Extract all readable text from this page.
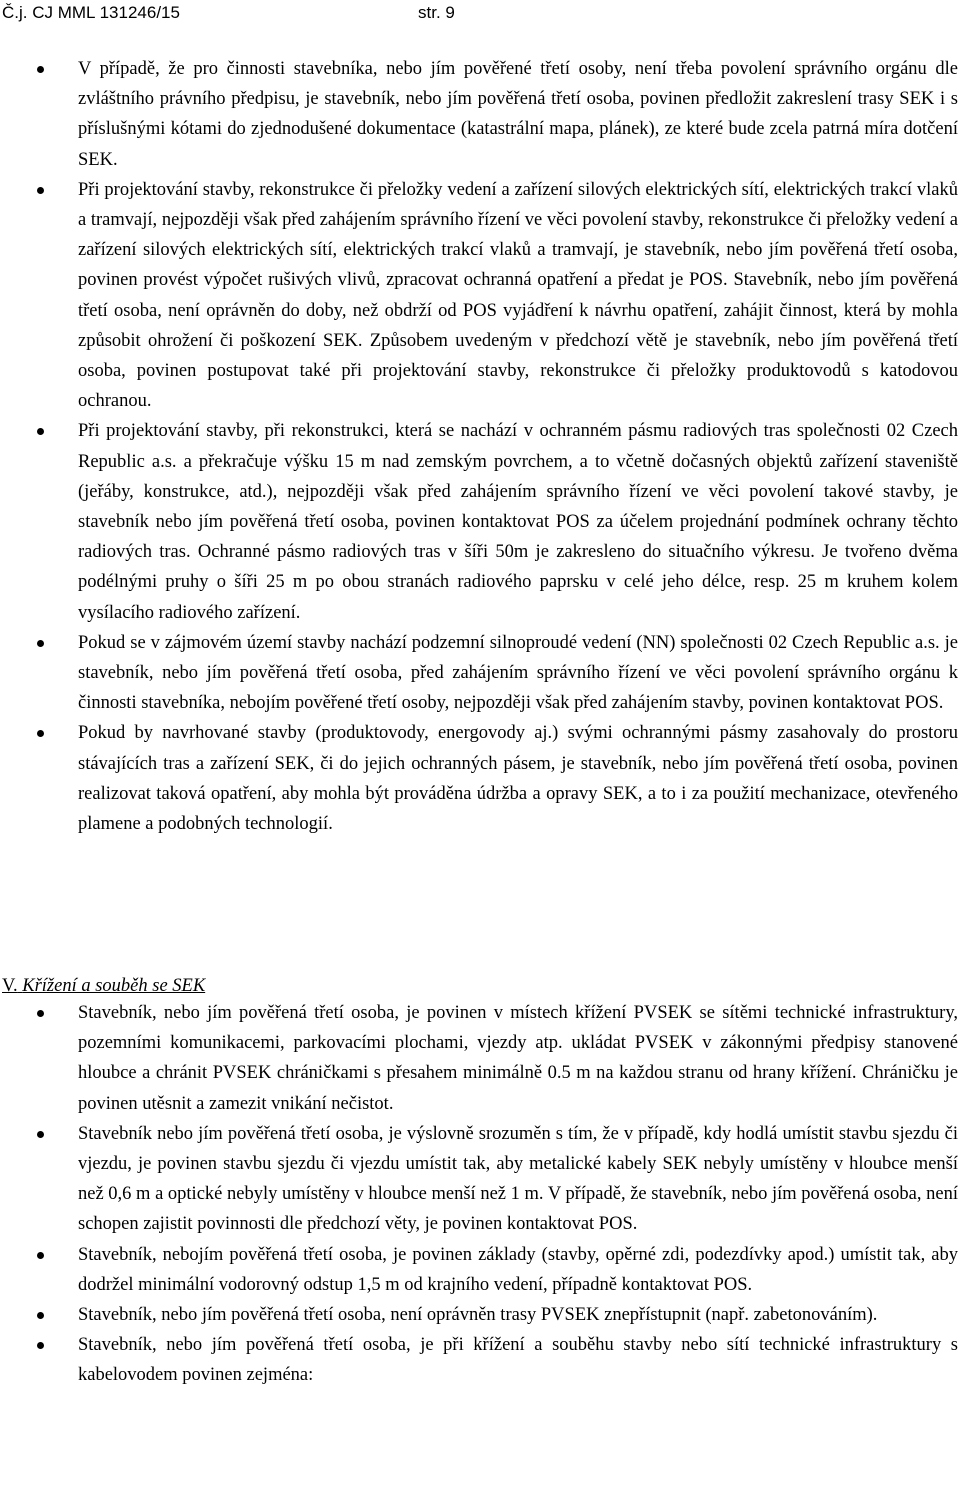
Č.j. CJ MML 131246/15	str. 9
V případě, že pro činnosti stavebníka, nebo jím pověřené třetí osoby, není třeba povolení správního orgánu dle zvláštního právního předpisu, je stavebník, nebo jím pověřená třetí osoba, povinen předložit zakreslení trasy SEK i s příslušnými kótami do zjednodušené dokumentace (katastrální mapa, plánek), ze které bude zcela patrná míra dotčení SEK.
Při projektování stavby, rekonstrukce či přeložky vedení a zařízení silových elektrických sítí, elektrických trakcí vlaků a tramvají, nejpozději však před zahájením správního řízení ve věci povolení stavby, rekonstrukce či přeložky vedení a zařízení silových elektrických sítí, elektrických trakcí vlaků a tramvají, je stavebník, nebo jím pověřená třetí osoba, povinen provést výpočet rušivých vlivů, zpracovat ochranná opatření a předat je POS. Stavebník, nebo jím pověřená třetí osoba, není oprávněn do doby, než obdrží od POS vyjádření k návrhu opatření, zahájit činnost, která by mohla způsobit ohrožení či poškození SEK. Způsobem uvedeným v předchozí větě je stavebník, nebo jím pověřená třetí osoba, povinen postupovat také při projektování stavby, rekonstrukce či přeložky produktovodů s katodovou ochranou.
Při projektování stavby, při rekonstrukci, která se nachází v ochranném pásmu radiových tras společnosti 02 Czech Republic a.s. a překračuje výšku 15 m nad zemským povrchem, a to včetně dočasných objektů zařízení staveniště (jeřáby, konstrukce, atd.), nejpozději však před zahájením správního řízení ve věci povolení takové stavby, je stavebník nebo jím pověřená třetí osoba, povinen kontaktovat POS za účelem projednání podmínek ochrany těchto radiových tras. Ochranné pásmo radiových tras v šíři 50m je zakresleno do situačního výkresu. Je tvořeno dvěma podélnými pruhy o šíři 25 m po obou stranách radiového paprsku v celé jeho délce, resp. 25 m kruhem kolem vysílacího radiového zařízení.
Pokud se v zájmovém území stavby nachází podzemní silnoproudé vedení (NN) společnosti 02 Czech Republic a.s. je stavebník, nebo jím pověřená třetí osoba, před zahájením správního řízení ve věci povolení správního orgánu k činnosti stavebníka, nebojím pověřené třetí osoby, nejpozději však před zahájením stavby, povinen kontaktovat POS.
Pokud by navrhované stavby (produktovody, energovody aj.) svými ochrannými pásmy zasahovaly do prostoru stávajících tras a zařízení SEK, či do jejich ochranných pásem, je stavebník, nebo jím pověřená třetí osoba, povinen realizovat taková opatření, aby mohla být prováděna údržba a opravy SEK, a to i za použití mechanizace, otevřeného plamene a podobných technologií.
V. Křížení a souběh se SEK
Stavebník, nebo jím pověřená třetí osoba, je povinen v místech křížení PVSEK se sítěmi technické infrastruktury, pozemními komunikacemi, parkovacími plochami, vjezdy atp. ukládat PVSEK v zákonnými předpisy stanovené hloubce a chránit PVSEK chráničkami s přesahem minimálně 0.5 m na každou stranu od hrany křížení. Chráničku je povinen utěsnit a zamezit vnikání nečistot.
Stavebník nebo jím pověřená třetí osoba, je výslovně srozuměn s tím, že v případě, kdy hodlá umístit stavbu sjezdu či vjezdu, je povinen stavbu sjezdu či vjezdu umístit tak, aby metalické kabely SEK nebyly umístěny v hloubce menší než 0,6 m a optické nebyly umístěny v hloubce menší než 1 m. V případě, že stavebník, nebo jím pověřená osoba, není schopen zajistit povinnosti dle předchozí věty, je povinen kontaktovat POS.
Stavebník, nebojím pověřená třetí osoba, je povinen základy (stavby, opěrné zdi, podezdívky apod.) umístit tak, aby dodržel minimální vodorovný odstup 1,5 m od krajního vedení, případně kontaktovat POS.
Stavebník, nebo jím pověřená třetí osoba, není oprávněn trasy PVSEK znepřístupnit (např. zabetonováním).
Stavebník, nebo jím pověřená třetí osoba, je při křížení a souběhu stavby nebo sítí technické infrastruktury s kabelovodem povinen zejména:
